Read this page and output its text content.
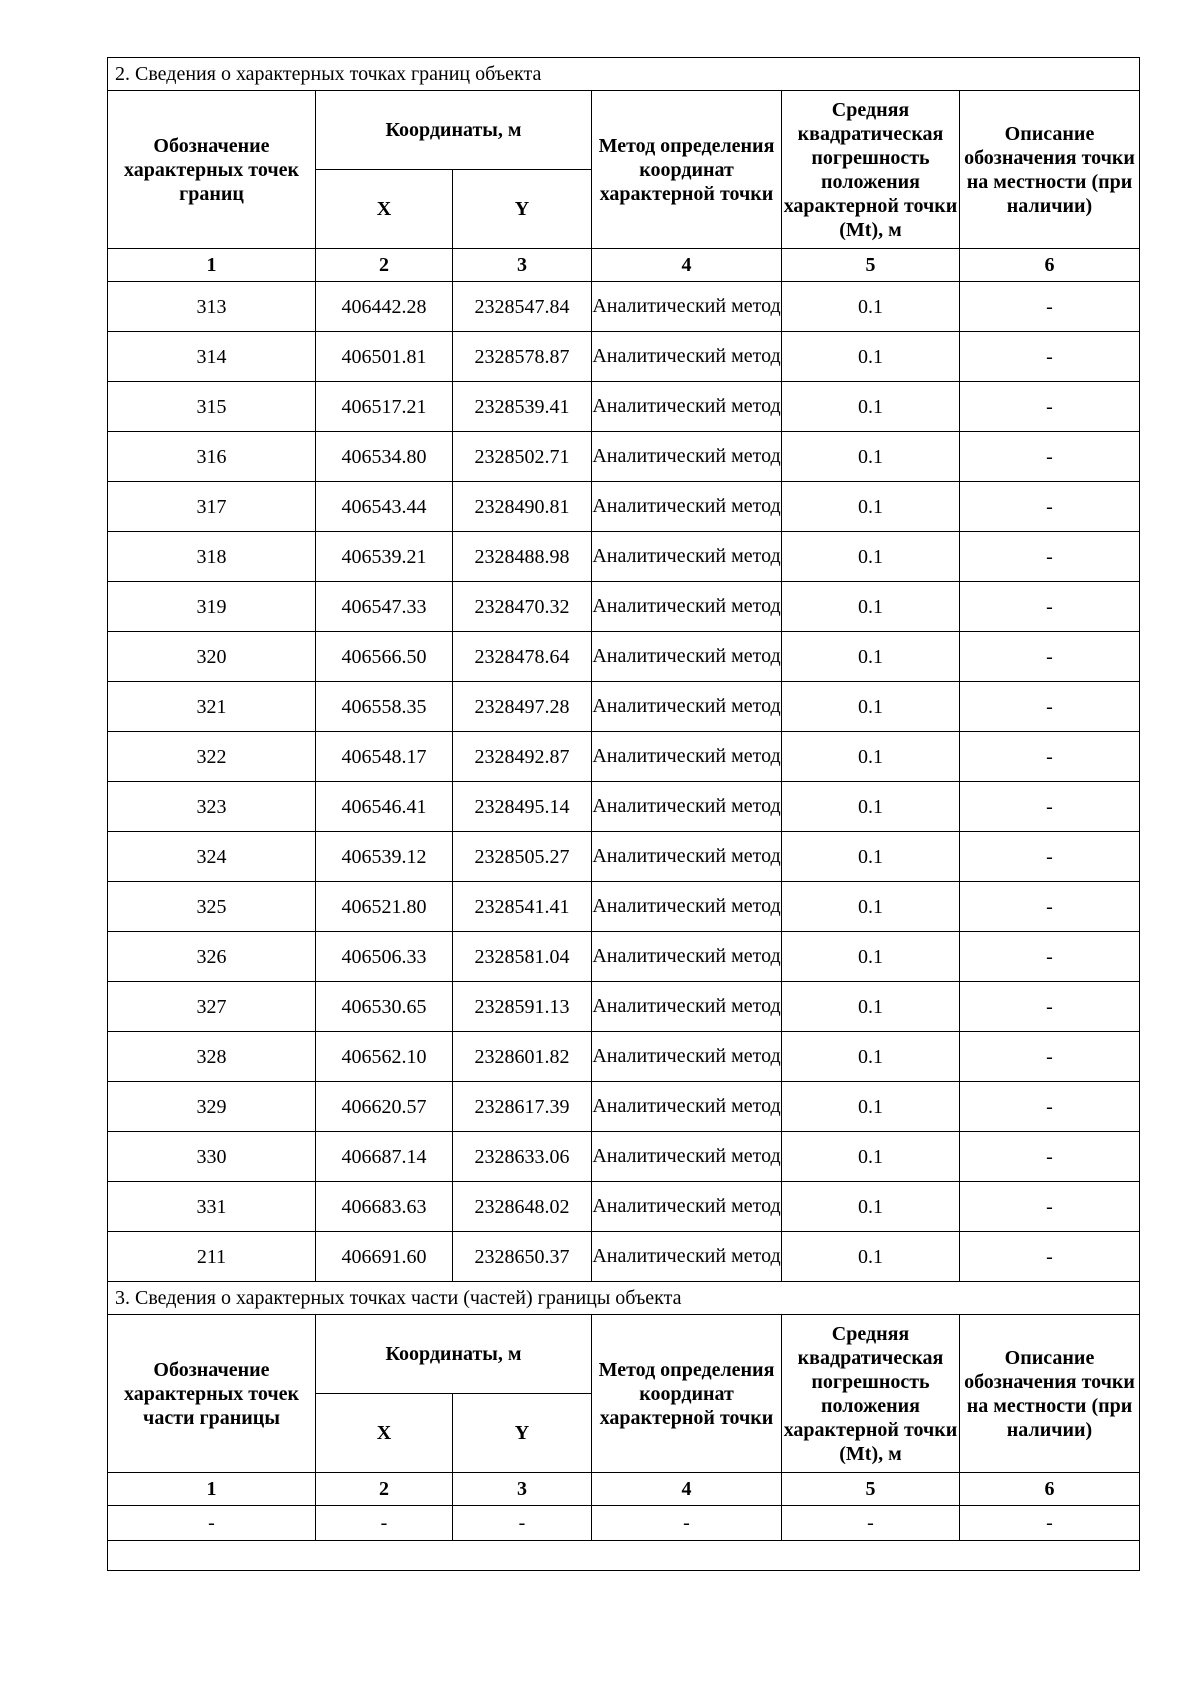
2. Сведения о характерных точках границ объекта					
Обозначение характерных точек границ	Координаты, м		Метод определения координат характерной точки	Средняя квадратическая погрешность положения характерной точки (Mt), м	Описание обозначения точки на местности (при наличии)
	X	Y			
1	2	3	4	5	6
313	406442.28	2328547.84	Аналитический метод	0.1	-
314	406501.81	2328578.87	Аналитический метод	0.1	-
315	406517.21	2328539.41	Аналитический метод	0.1	-
316	406534.80	2328502.71	Аналитический метод	0.1	-
317	406543.44	2328490.81	Аналитический метод	0.1	-
318	406539.21	2328488.98	Аналитический метод	0.1	-
319	406547.33	2328470.32	Аналитический метод	0.1	-
320	406566.50	2328478.64	Аналитический метод	0.1	-
321	406558.35	2328497.28	Аналитический метод	0.1	-
322	406548.17	2328492.87	Аналитический метод	0.1	-
323	406546.41	2328495.14	Аналитический метод	0.1	-
324	406539.12	2328505.27	Аналитический метод	0.1	-
325	406521.80	2328541.41	Аналитический метод	0.1	-
326	406506.33	2328581.04	Аналитический метод	0.1	-
327	406530.65	2328591.13	Аналитический метод	0.1	-
328	406562.10	2328601.82	Аналитический метод	0.1	-
329	406620.57	2328617.39	Аналитический метод	0.1	-
330	406687.14	2328633.06	Аналитический метод	0.1	-
331	406683.63	2328648.02	Аналитический метод	0.1	-
211	406691.60	2328650.37	Аналитический метод	0.1	-
3. Сведения о характерных точках части (частей) границы объекта					
Обозначение характерных точек части границы	Координаты, м		Метод определения координат характерной точки	Средняя квадратическая погрешность положения характерной точки (Mt), м	Описание обозначения точки на местности (при наличии)
	X	Y			
1	2	3	4	5	6
-	-	-	-	-	-
